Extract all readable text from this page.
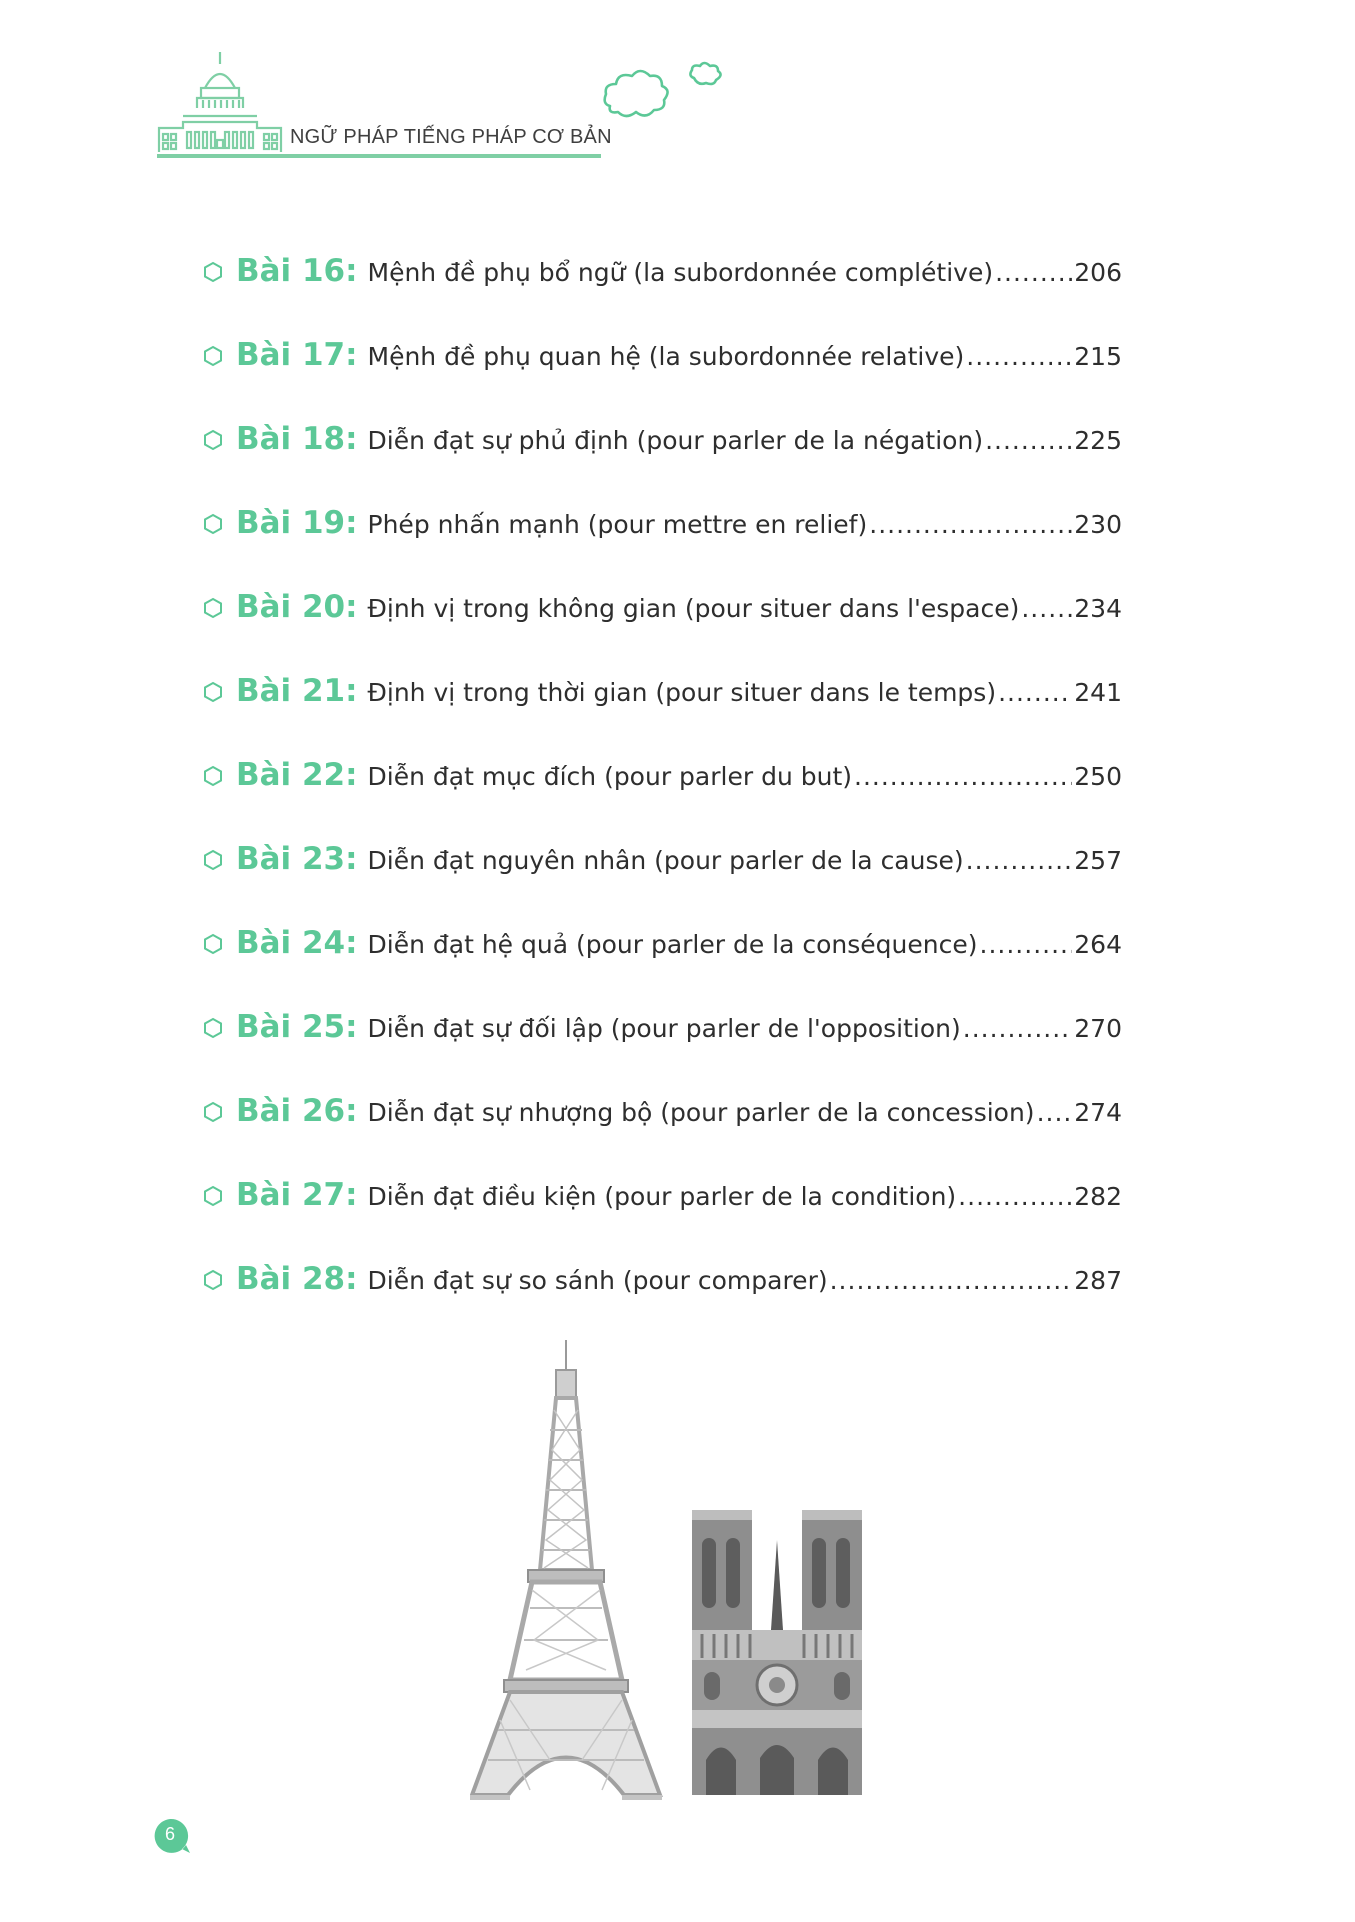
NGỮ PHÁP TIẾNG PHÁP CƠ BẢN
Bài 16: Mệnh đề phụ bổ ngữ (la subordonnée complétive) .....	206
Bài 17: Mệnh đề phụ quan hệ (la subordonnée relative) .....	215
Bài 18: Diễn đạt sự phủ định (pour parler de la négation) .....	225
Bài 19: Phép nhấn mạnh (pour mettre en relief) .....	230
Bài 20: Định vị trong không gian (pour situer dans l'espace) ..... 234
Bài 21: Định vị trong thời gian (pour situer dans le temps) .....	241
Bài 22: Diễn đạt mục đích (pour parler du but) .....	250
Bài 23: Diễn đạt nguyên nhân (pour parler de la cause) .....	257
Bài 24: Diễn đạt hệ quả (pour parler de la conséquence) .....	264
Bài 25: Diễn đạt sự đối lập (pour parler de l'opposition) .....	270
Bài 26: Diễn đạt sự nhượng bộ (pour parler de la concession) ..... 274
Bài 27: Diễn đạt điều kiện (pour parler de la condition) .....	282
Bài 28: Diễn đạt sự so sánh (pour comparer) .....	287
6
